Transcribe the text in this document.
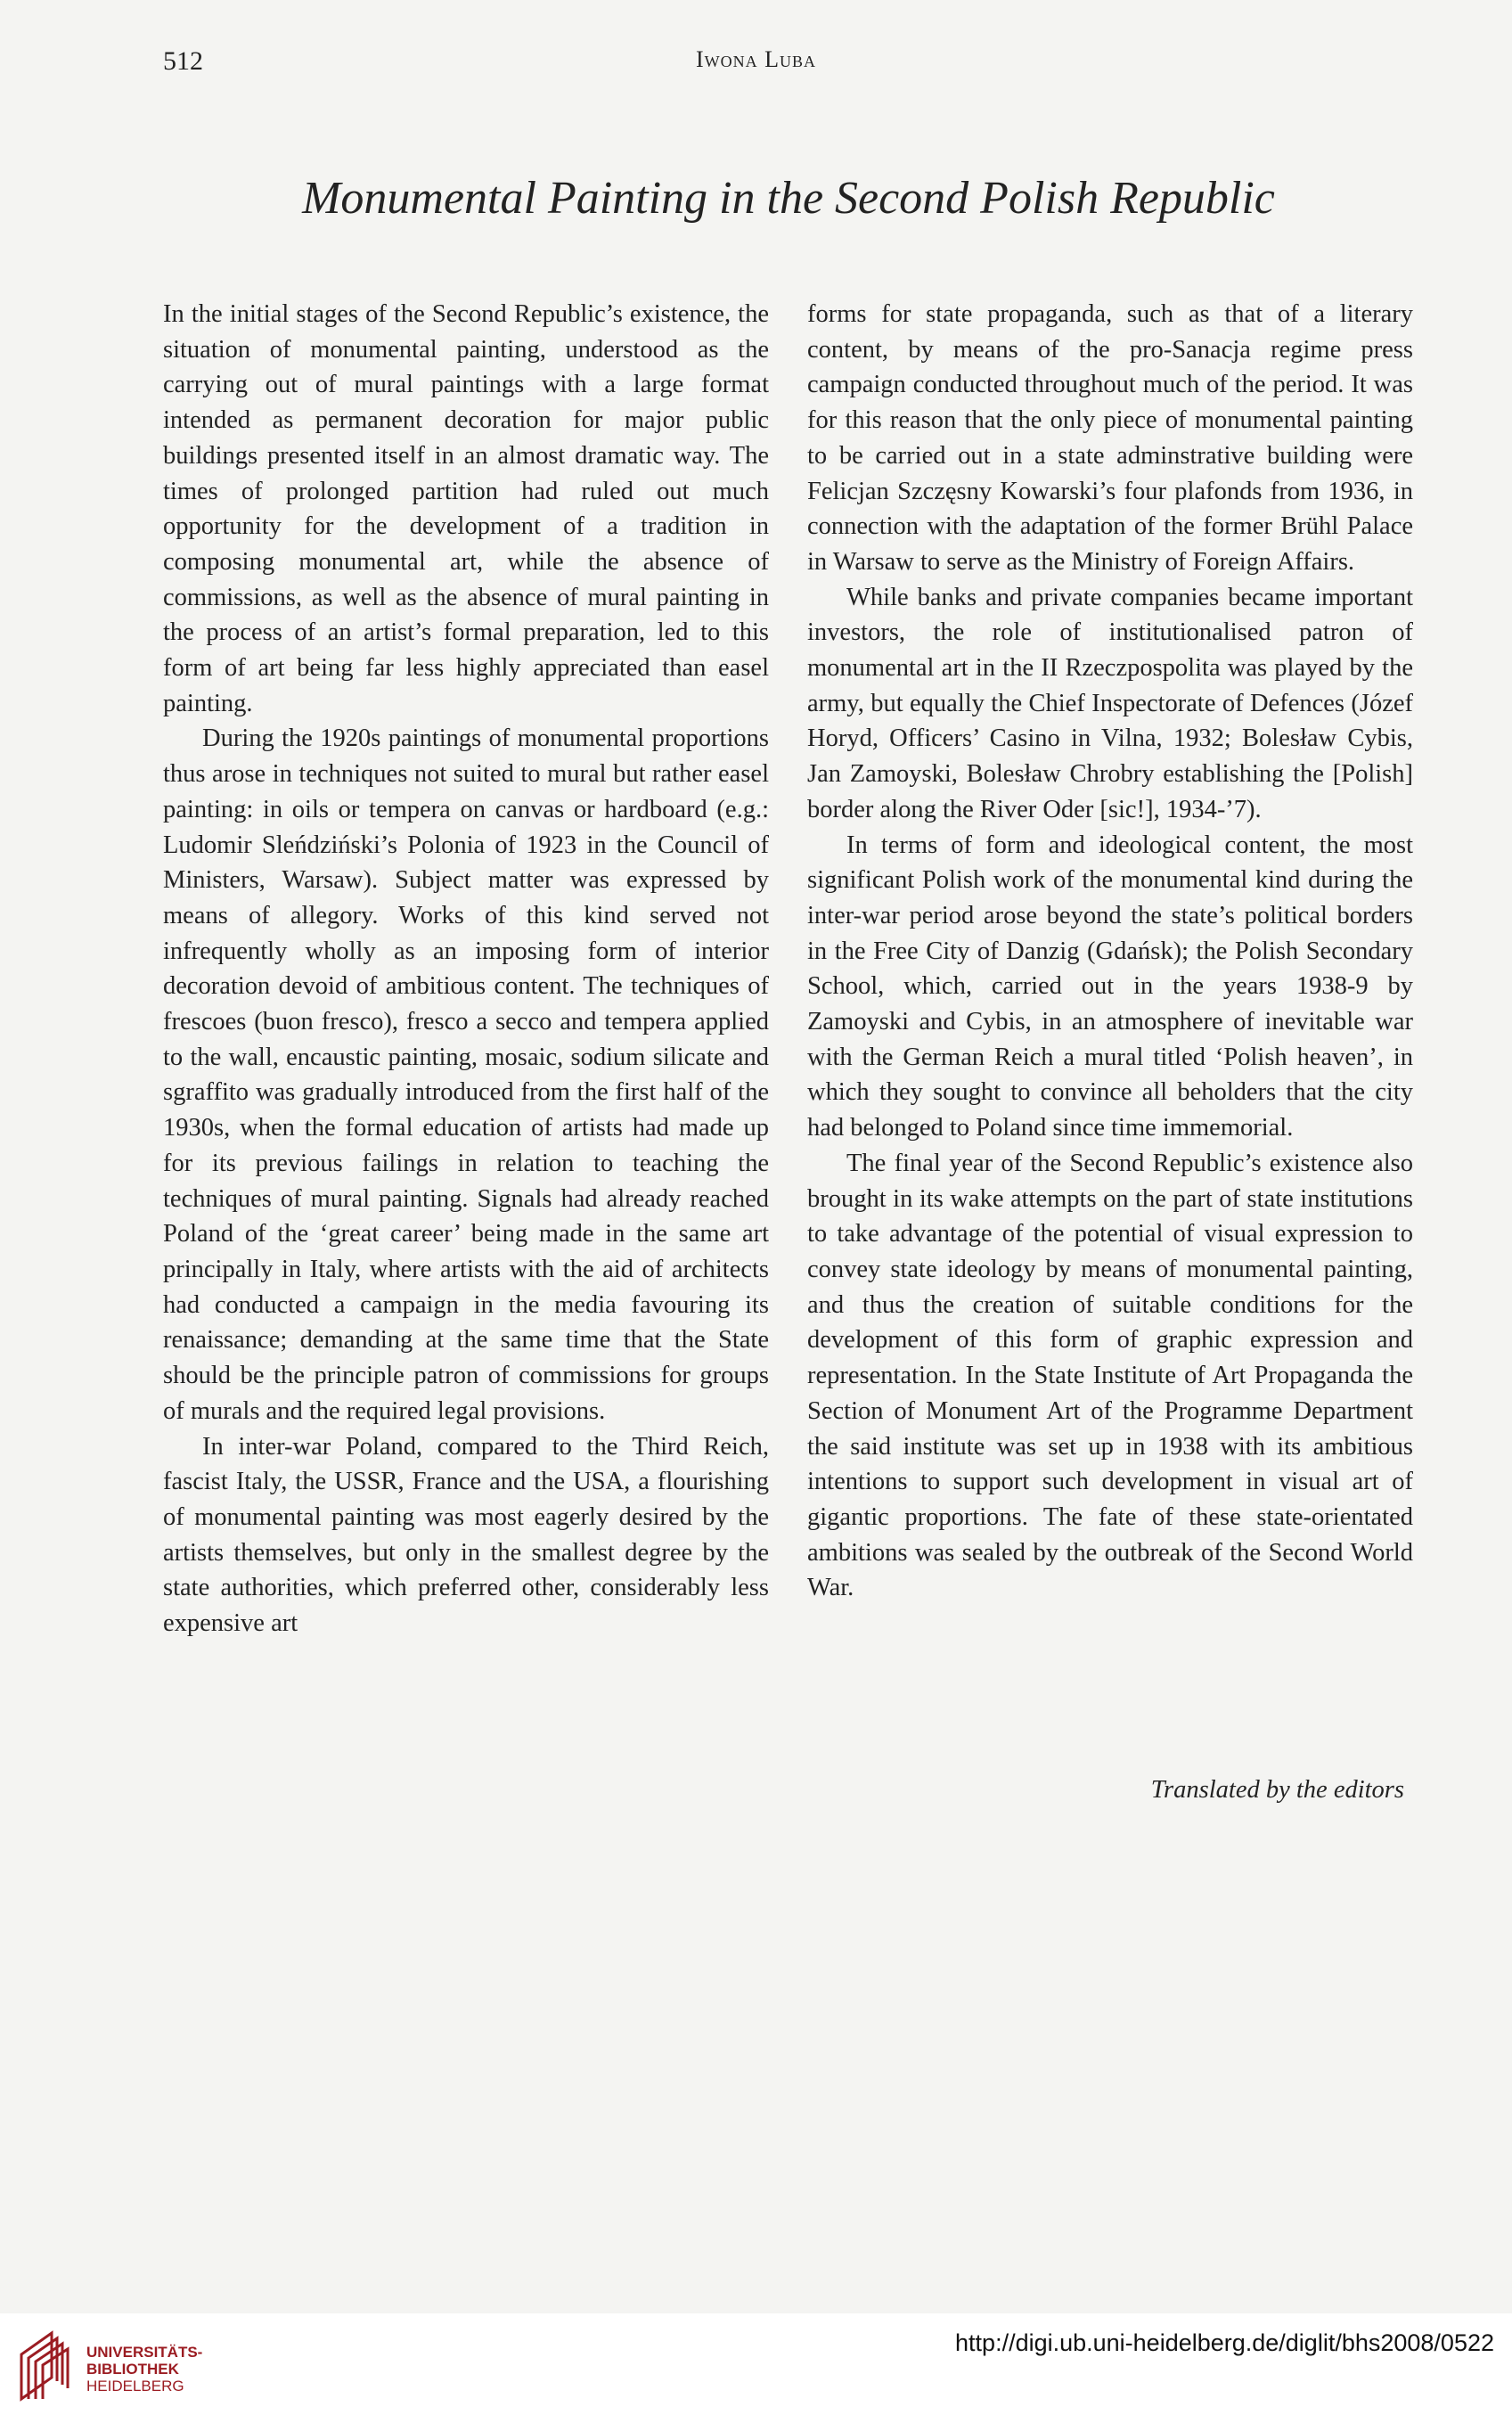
512	Iwona Luba
Monumental Painting in the Second Polish Republic

In the initial stages of the Second Republic’s existence, the situation of monumental painting, understood as the carrying out of mural paintings with a large format intended as permanent decoration for major public buildings presented itself in an almost dramatic way. The times of prolonged partition had ruled out much opportunity for the development of a tradition in composing monumental art, while the absence of commissions, as well as the absence of mural painting in the process of an artist’s formal preparation, led to this form of art being far less highly appreciated than easel painting.

During the 1920s paintings of monumental proportions thus arose in techniques not suited to mural but rather easel painting: in oils or tempera on canvas or hardboard (e.g.: Ludomir Sleńdziński’s Polonia of 1923 in the Council of Ministers, Warsaw). Subject matter was expressed by means of allegory. Works of this kind served not infrequently wholly as an imposing form of interior decoration devoid of ambitious content. The techniques of frescoes (buon fresco), fresco a secco and tempera applied to the wall, encaustic painting, mosaic, sodium silicate and sgraffito was gradually introduced from the first half of the 1930s, when the formal education of artists had made up for its previous failings in relation to teaching the techniques of mural painting. Signals had already reached Poland of the ‘great career’ being made in the same art principally in Italy, where artists with the aid of architects had conducted a campaign in the media favouring its renaissance; demanding at the same time that the State should be the principle patron of commissions for groups of murals and the required legal provisions.

In inter-war Poland, compared to the Third Reich, fascist Italy, the USSR, France and the USA, a flourishing of monumental painting was most eagerly desired by the artists themselves, but only in the smallest degree by the state authorities, which preferred other, considerably less expensive art

forms for state propaganda, such as that of a literary content, by means of the pro-Sanacja regime press campaign conducted throughout much of the period. It was for this reason that the only piece of monumental painting to be carried out in a state adminstrative building were Felicjan Szczęsny Kowarski’s four plafonds from 1936, in connection with the adaptation of the former Brühl Palace in Warsaw to serve as the Ministry of Foreign Affairs.

While banks and private companies became important investors, the role of institutionalised patron of monumental art in the II Rzeczpospolita was played by the army, but equally the Chief Inspectorate of Defences (Józef Horyd, Officers’ Casino in Vilna, 1932; Bolesław Cybis, Jan Zamoyski, Bolesław Chrobry establishing the [Polish] border along the River Oder [sic!], 1934-’7).

In terms of form and ideological content, the most significant Polish work of the monumental kind during the inter-war period arose beyond the state’s political borders in the Free City of Danzig (Gdańsk); the Polish Secondary School, which, carried out in the years 1938-9 by Zamoyski and Cybis, in an atmosphere of inevitable war with the German Reich a mural titled ‘Polish heaven’, in which they sought to convince all beholders that the city had belonged to Poland since time immemorial.

The final year of the Second Republic’s existence also brought in its wake attempts on the part of state institutions to take advantage of the potential of visual expression to convey state ideology by means of monumental painting, and thus the creation of suitable conditions for the development of this form of graphic expression and representation. In the State Institute of Art Propaganda the Section of Monument Art of the Programme Department the said institute was set up in 1938 with its ambitious intentions to support such development in visual art of gigantic proportions. The fate of these state-orientated ambitions was sealed by the outbreak of the Second World War.

Translated by the editors
UNIVERSITÄTS-
BIBLIOTHEK
HEIDELBERG
http://digi.ub.uni-heidelberg.de/diglit/bhs2008/0522
